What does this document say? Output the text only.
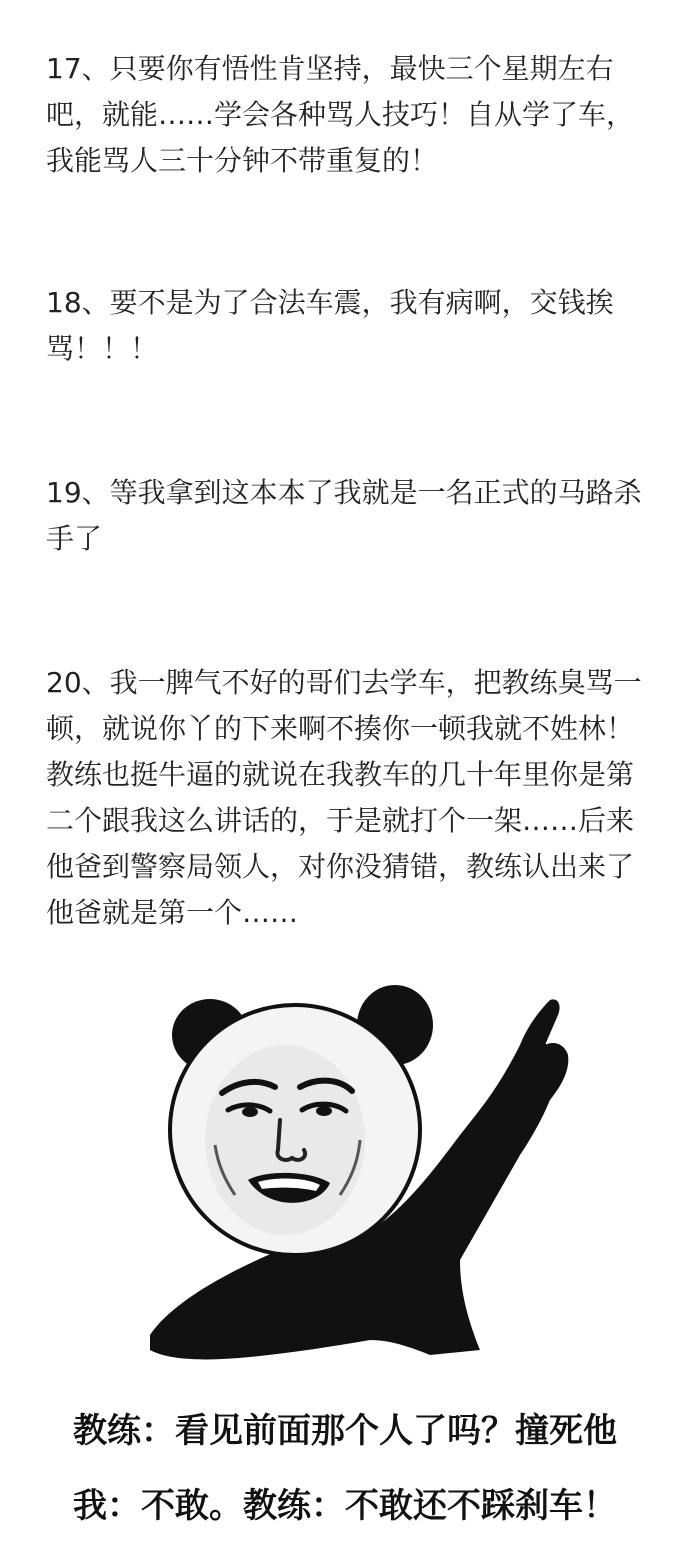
17、只要你有悟性肯坚持，最快三个星期左右吧，就能……学会各种骂人技巧！自从学了车，我能骂人三十分钟不带重复的！

18、要不是为了合法车震，我有病啊，交钱挨骂！！！

19、等我拿到这本本了我就是一名正式的马路杀手了

20、我一脾气不好的哥们去学车，把教练臭骂一顿，就说你丫的下来啊不揍你一顿我就不姓林！教练也挺牛逼的就说在我教车的几十年里你是第二个跟我这么讲话的，于是就打个一架……后来他爸到警察局领人，对你没猜错，教练认出来了他爸就是第一个……

教练：看见前面那个人了吗？撞死他

我：不敢。教练：不敢还不踩刹车！
